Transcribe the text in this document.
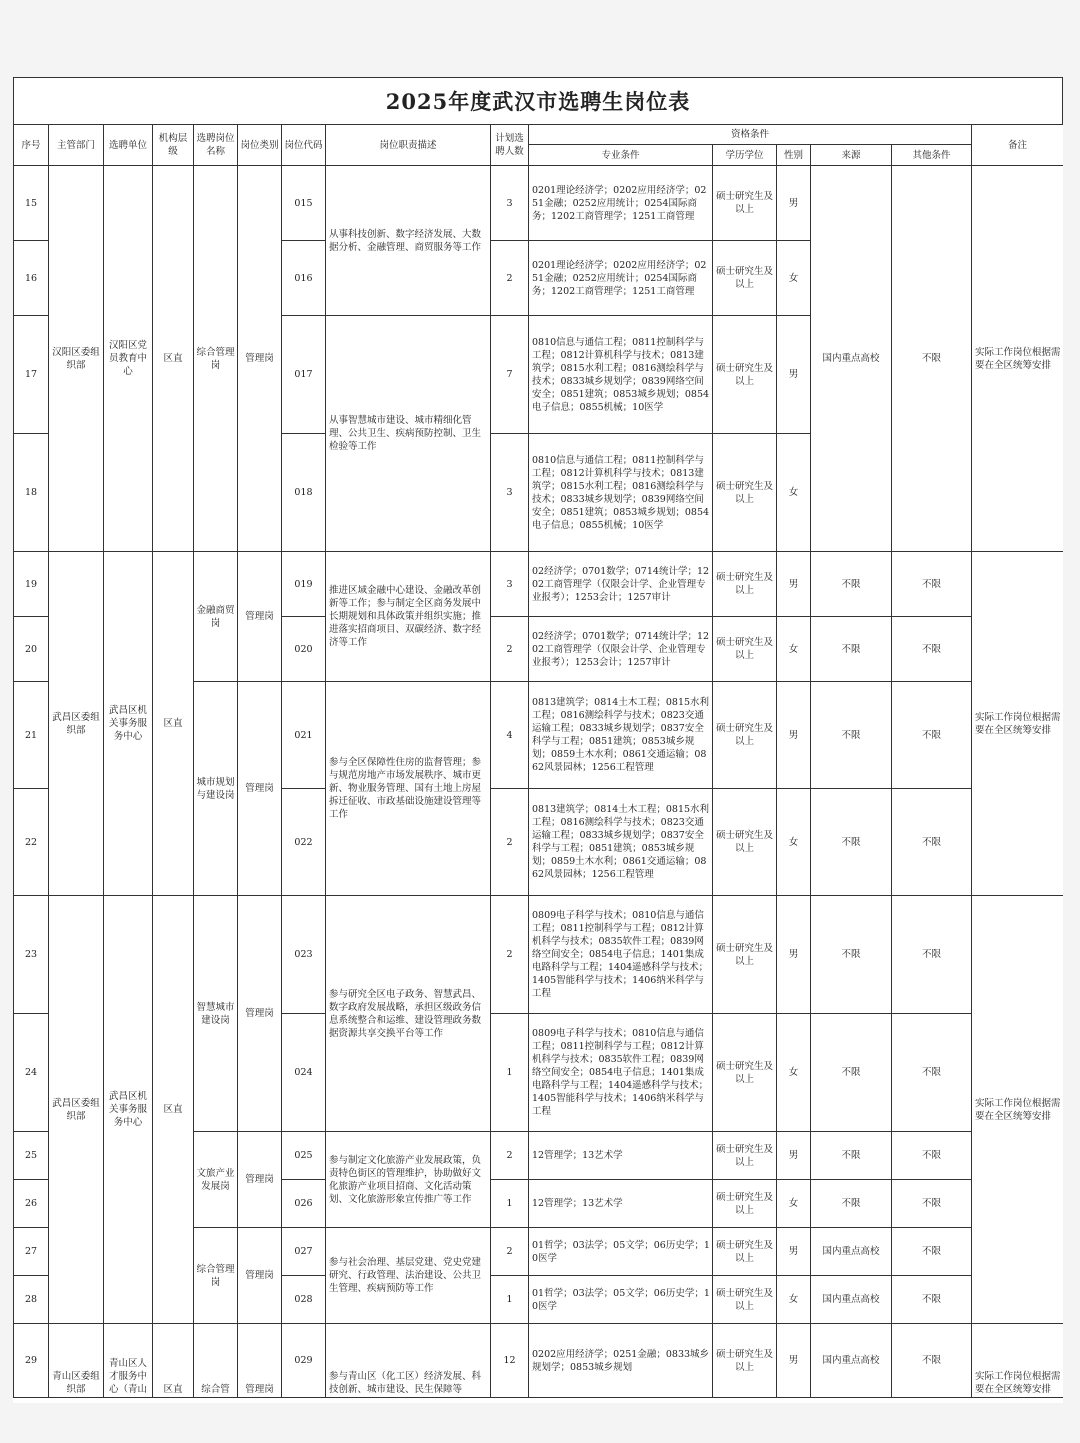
2025年度武汉市选聘生岗位表
序号	主管部门	选聘单位	机构层级	选聘岗位名称	岗位类别	岗位代码	岗位职责描述	计划选聘人数	资格条件					备注
									专业条件	学历学位	性别	来源	其他条件	
15	汉阳区委组织部	汉阳区党员教育中心	区直	综合管理岗	管理岗	015	从事科技创新、数字经济发展、大数据分析、金融管理、商贸服务等工作	3	0201理论经济学；0202应用经济学；0251金融；0252应用统计；0254国际商务；1202工商管理学；1251工商管理	硕士研究生及以上	男	国内重点高校	不限	实际工作岗位根据需要在全区统筹安排
16						016		2	0201理论经济学；0202应用经济学；0251金融；0252应用统计；0254国际商务；1202工商管理学；1251工商管理	硕士研究生及以上	女			
17						017	从事智慧城市建设、城市精细化管理、公共卫生、疾病预防控制、卫生检验等工作	7	0810信息与通信工程；0811控制科学与工程；0812计算机科学与技术；0813建筑学；0815水利工程；0816测绘科学与技术；0833城乡规划学；0839网络空间安全；0851建筑；0853城乡规划；0854电子信息；0855机械；10医学	硕士研究生及以上	男			
18						018		3	0810信息与通信工程；0811控制科学与工程；0812计算机科学与技术；0813建筑学；0815水利工程；0816测绘科学与技术；0833城乡规划学；0839网络空间安全；0851建筑；0853城乡规划；0854电子信息；0855机械；10医学	硕士研究生及以上	女			
19	武昌区委组织部	武昌区机关事务服务中心	区直	金融商贸岗	管理岗	019	推进区域金融中心建设、金融改革创新等工作；参与制定全区商务发展中长期规划和具体政策并组织实施；推进落实招商项目、双碳经济、数字经济等工作	3	02经济学；0701数学；0714统计学；1202工商管理学（仅限会计学、企业管理专业报考）；1253会计；1257审计	硕士研究生及以上	男	不限	不限	实际工作岗位根据需要在全区统筹安排
20						020		2	02经济学；0701数学；0714统计学；1202工商管理学（仅限会计学、企业管理专业报考）；1253会计；1257审计	硕士研究生及以上	女	不限	不限	
21				城市规划与建设岗	管理岗	021	参与全区保障性住房的监督管理；参与规范房地产市场发展秩序、城市更新、物业服务管理、国有土地上房屋拆迁征收、市政基础设施建设管理等工作	4	0813建筑学；0814土木工程；0815水利工程；0816测绘科学与技术；0823交通运输工程；0833城乡规划学；0837安全科学与工程；0851建筑；0853城乡规划；0859土木水利；0861交通运输；0862风景园林；1256工程管理	硕士研究生及以上	男	不限	不限	
22						022		2	0813建筑学；0814土木工程；0815水利工程；0816测绘科学与技术；0823交通运输工程；0833城乡规划学；0837安全科学与工程；0851建筑；0853城乡规划；0859土木水利；0861交通运输；0862风景园林；1256工程管理	硕士研究生及以上	女	不限	不限	
23	武昌区委组织部	武昌区机关事务服务中心	区直	智慧城市建设岗	管理岗	023	参与研究全区电子政务、智慧武昌、数字政府发展战略，承担区级政务信息系统整合和运维、建设管理政务数据资源共享交换平台等工作	2	0809电子科学与技术；0810信息与通信工程；0811控制科学与工程；0812计算机科学与技术；0835软件工程；0839网络空间安全；0854电子信息；1401集成电路科学与工程；1404遥感科学与技术；1405智能科学与技术；1406纳米科学与工程	硕士研究生及以上	男	不限	不限	实际工作岗位根据需要在全区统筹安排
24						024		1	0809电子科学与技术；0810信息与通信工程；0811控制科学与工程；0812计算机科学与技术；0835软件工程；0839网络空间安全；0854电子信息；1401集成电路科学与工程；1404遥感科学与技术；1405智能科学与技术；1406纳米科学与工程	硕士研究生及以上	女	不限	不限	
25				文旅产业发展岗	管理岗	025	参与制定文化旅游产业发展政策，负责特色街区的管理维护，协助做好文化旅游产业项目招商、文化活动策划、文化旅游形象宣传推广等工作	2	12管理学；13艺术学	硕士研究生及以上	男	不限	不限	
26						026		1	12管理学；13艺术学	硕士研究生及以上	女	不限	不限	
27				综合管理岗	管理岗	027	参与社会治理、基层党建、党史党建研究、行政管理、法治建设、公共卫生管理、疾病预防等工作	2	01哲学；03法学；05文学；06历史学；10医学	硕士研究生及以上	男	国内重点高校	不限	
28						028		1	01哲学；03法学；05文学；06历史学；10医学	硕士研究生及以上	女	国内重点高校	不限	
29	青山区委组织部	青山区人才服务中心（青山	区直	综合管	管理岗	029	参与青山区（化工区）经济发展、科技创新、城市建设、民生保障等	12	0202应用经济学；0251金融；0833城乡规划学；0853城乡规划	硕士研究生及以上	男	国内重点高校	不限	实际工作岗位根据需要在全区统筹安排
